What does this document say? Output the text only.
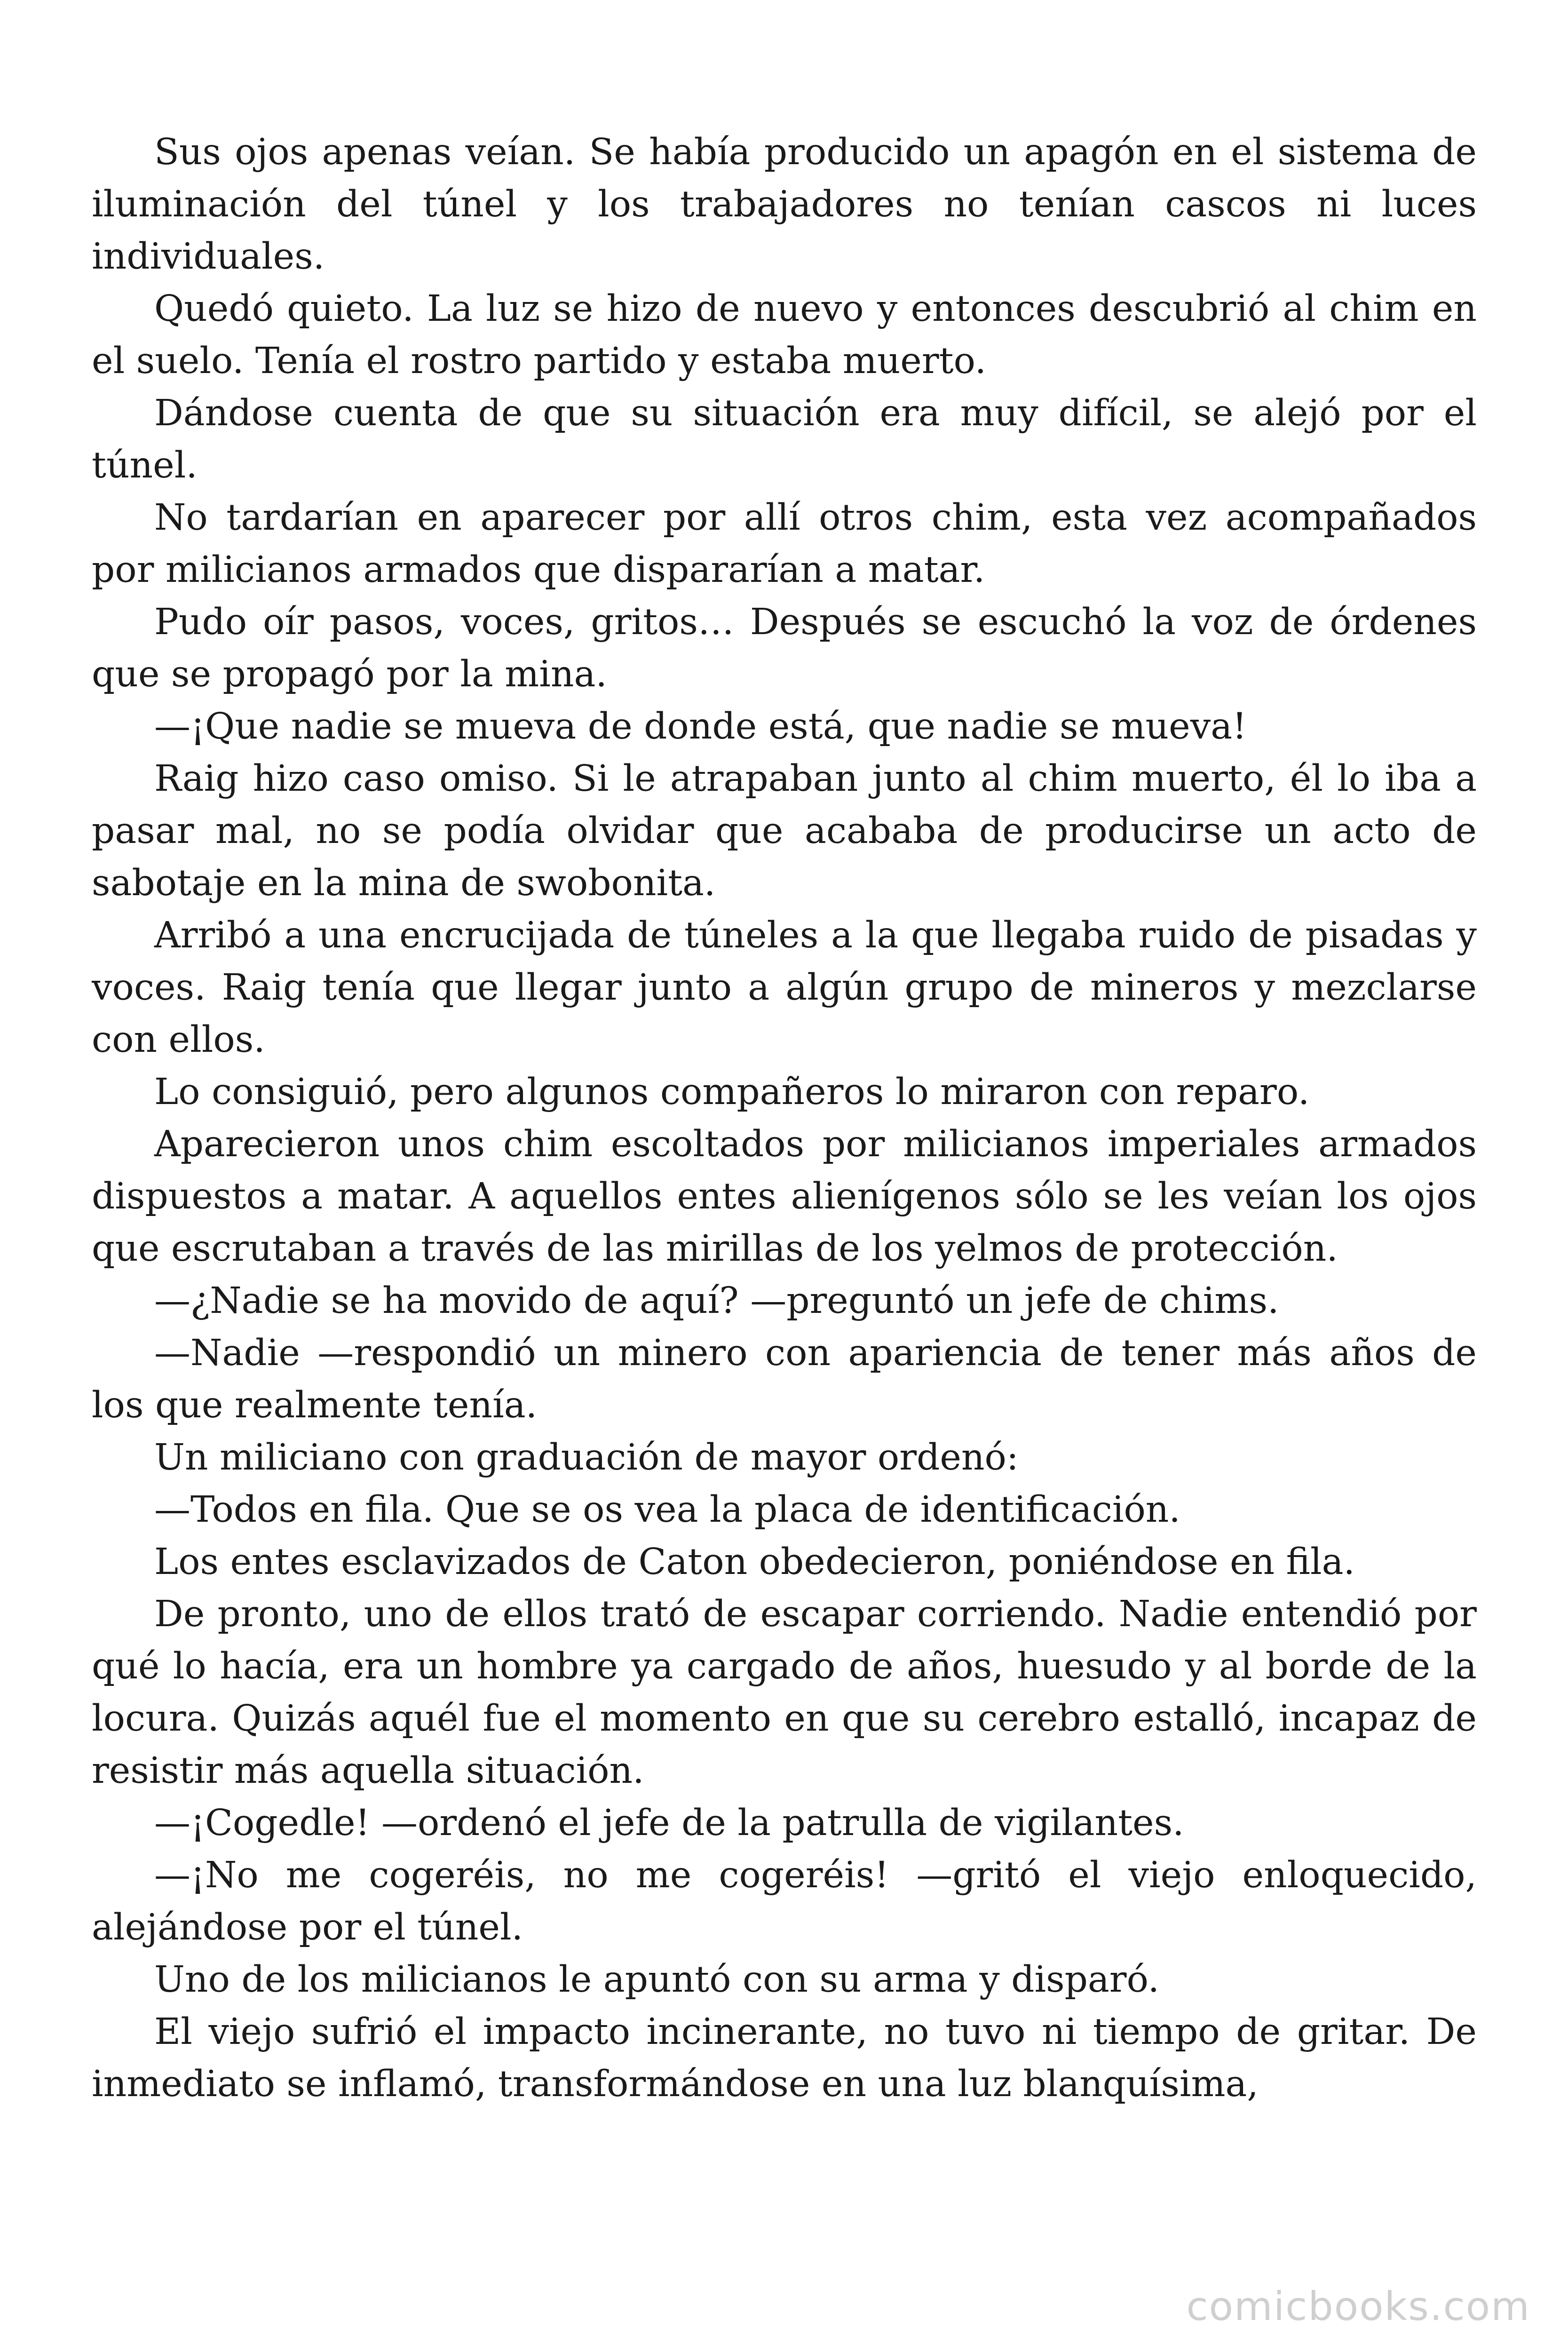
Sus ojos apenas veían. Se había producido un apagón en el sistema de iluminación del túnel y los trabajadores no tenían cascos ni luces individuales.

Quedó quieto. La luz se hizo de nuevo y entonces descubrió al chim en el suelo. Tenía el rostro partido y estaba muerto.

Dándose cuenta de que su situación era muy difícil, se alejó por el túnel.

No tardarían en aparecer por allí otros chim, esta vez acompañados por milicianos armados que dispararían a matar.

Pudo oír pasos, voces, gritos… Después se escuchó la voz de órdenes que se propagó por la mina.

—¡Que nadie se mueva de donde está, que nadie se mueva!

Raig hizo caso omiso. Si le atrapaban junto al chim muerto, él lo iba a pasar mal, no se podía olvidar que acababa de producirse un acto de sabotaje en la mina de swobonita.

Arribó a una encrucijada de túneles a la que llegaba ruido de pisadas y voces. Raig tenía que llegar junto a algún grupo de mineros y mezclarse con ellos.

Lo consiguió, pero algunos compañeros lo miraron con reparo.

Aparecieron unos chim escoltados por milicianos imperiales armados dispuestos a matar. A aquellos entes alienígenos sólo se les veían los ojos que escrutaban a través de las mirillas de los yelmos de protección.

—¿Nadie se ha movido de aquí? —preguntó un jefe de chims.

—Nadie —respondió un minero con apariencia de tener más años de los que realmente tenía.

Un miliciano con graduación de mayor ordenó:

—Todos en fila. Que se os vea la placa de identificación.

Los entes esclavizados de Caton obedecieron, poniéndose en fila.

De pronto, uno de ellos trató de escapar corriendo. Nadie entendió por qué lo hacía, era un hombre ya cargado de años, huesudo y al borde de la locura. Quizás aquél fue el momento en que su cerebro estalló, incapaz de resistir más aquella situación.

—¡Cogedle! —ordenó el jefe de la patrulla de vigilantes.

—¡No me cogeréis, no me cogeréis! —gritó el viejo enloquecido, alejándose por el túnel.

Uno de los milicianos le apuntó con su arma y disparó.

El viejo sufrió el impacto incinerante, no tuvo ni tiempo de gritar. De inmediato se inflamó, transformándose en una luz blanquísima,

comicbooks.com
